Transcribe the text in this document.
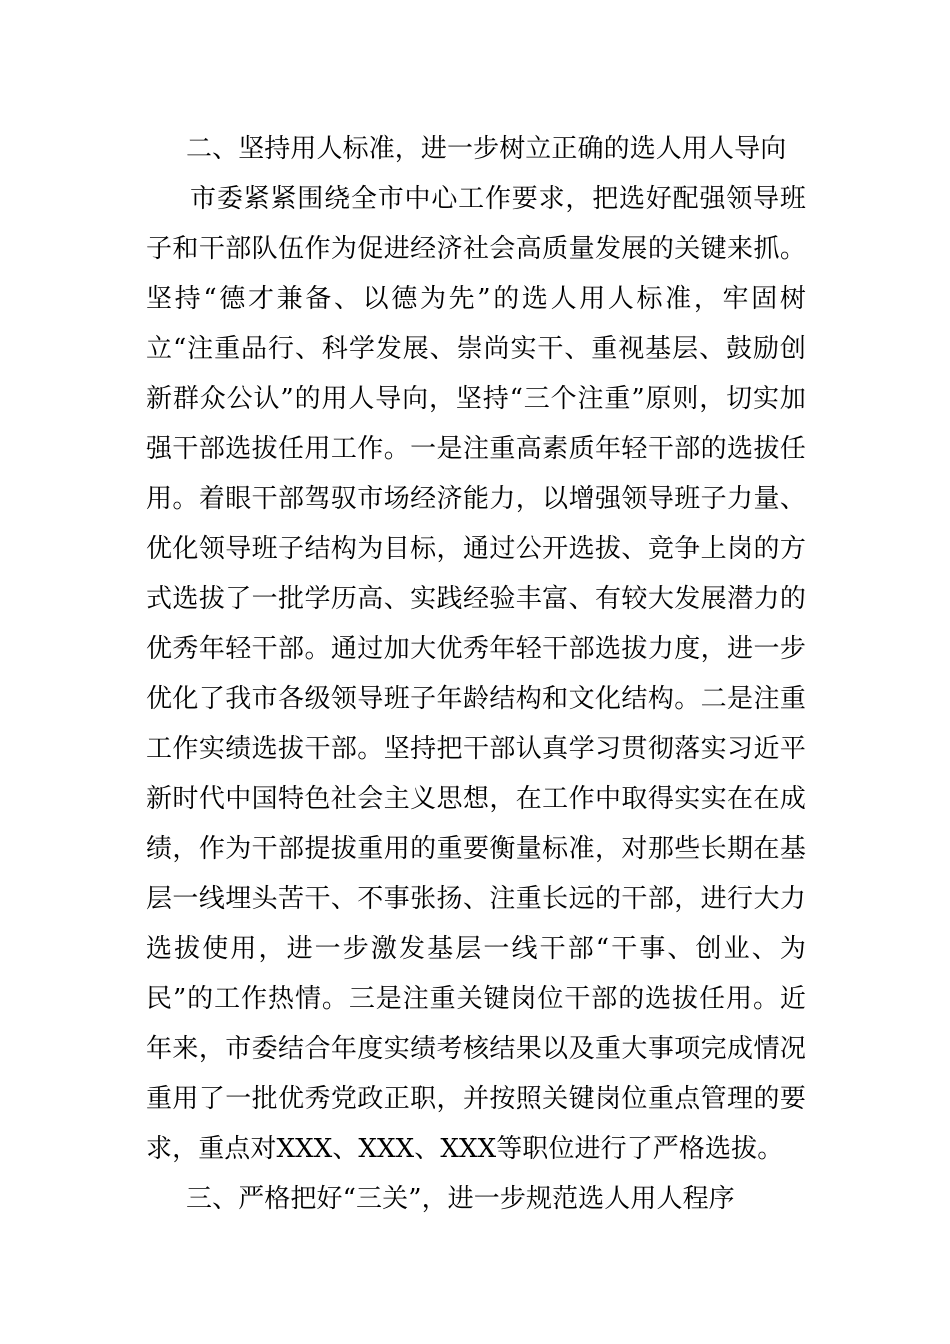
二、坚持用人标准，进一步树立正确的选人用人导向

市委紧紧围绕全市中心工作要求，把选好配强领导班子和干部队伍作为促进经济社会高质量发展的关键来抓。坚持“德才兼备、以德为先”的选人用人标准，牢固树立“注重品行、科学发展、崇尚实干、重视基层、鼓励创新群众公认”的用人导向，坚持“三个注重”原则，切实加强干部选拔任用工作。一是注重高素质年轻干部的选拔任用。着眼干部驾驭市场经济能力，以增强领导班子力量、优化领导班子结构为目标，通过公开选拔、竞争上岗的方式选拔了一批学历高、实践经验丰富、有较大发展潜力的优秀年轻干部。通过加大优秀年轻干部选拔力度，进一步优化了我市各级领导班子年龄结构和文化结构。二是注重工作实绩选拔干部。坚持把干部认真学习贯彻落实习近平新时代中国特色社会主义思想，在工作中取得实实在在成绩，作为干部提拔重用的重要衡量标准，对那些长期在基层一线埋头苦干、不事张扬、注重长远的干部，进行大力选拔使用，进一步激发基层一线干部“干事、创业、为民”的工作热情。三是注重关键岗位干部的选拔任用。近年来，市委结合年度实绩考核结果以及重大事项完成情况重用了一批优秀党政正职，并按照关键岗位重点管理的要求，重点对XXX、XXX、XXX等职位进行了严格选拔。

三、严格把好“三关”，进一步规范选人用人程序
